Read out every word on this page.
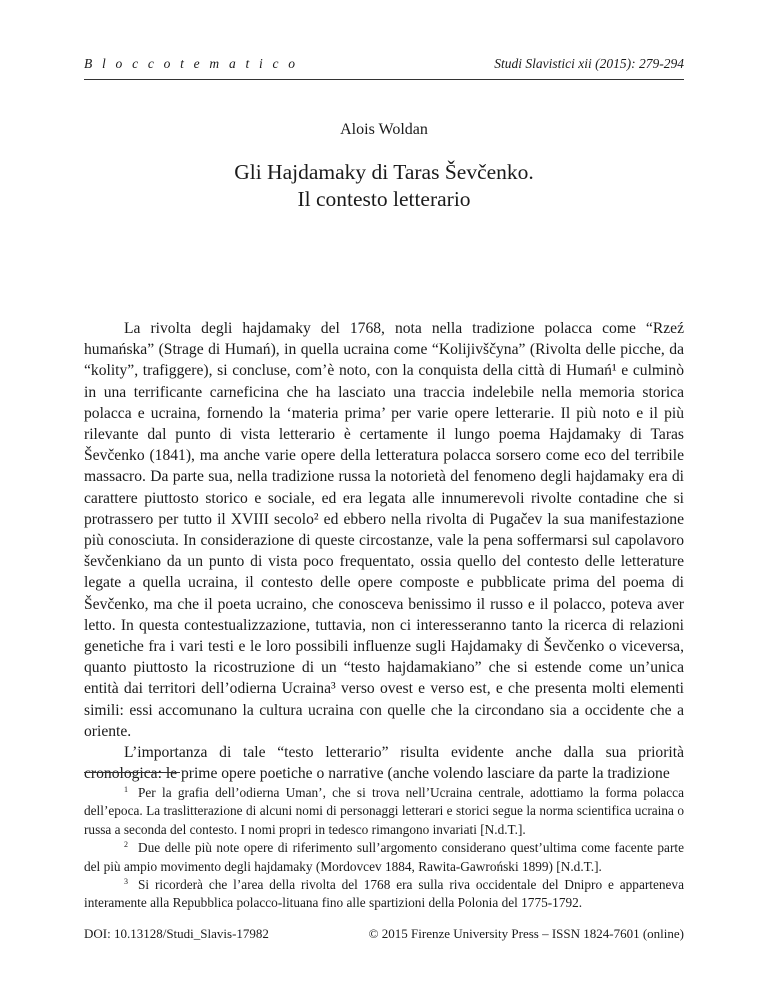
B l o c c o t e m a t i c o	Studi Slavistici xii (2015): 279-294
Alois Woldan
Gli Hajdamaky di Taras Ševčenko.
Il contesto letterario

La rivolta degli hajdamaky del 1768, nota nella tradizione polacca come “Rzeź humańska” (Strage di Humań), in quella ucraina come “Kolijivščyna” (Rivolta delle picche, da “kolity”, trafiggere), si concluse, com’è noto, con la conquista della città di Humań¹ e culminò in una terrificante carneficina che ha lasciato una traccia indelebile nella memoria storica polacca e ucraina, fornendo la ‘materia prima’ per varie opere letterarie. Il più noto e il più rilevante dal punto di vista letterario è certamente il lungo poema Hajdamaky di Taras Ševčenko (1841), ma anche varie opere della letteratura polacca sorsero come eco del terribile massacro. Da parte sua, nella tradizione russa la notorietà del fenomeno degli hajdamaky era di carattere piuttosto storico e sociale, ed era legata alle innumerevoli rivolte contadine che si protrassero per tutto il XVIII secolo² ed ebbero nella rivolta di Pugačev la sua manifestazione più conosciuta. In considerazione di queste circostanze, vale la pena soffermarsi sul capolavoro ševčenkiano da un punto di vista poco frequentato, ossia quello del contesto delle letterature legate a quella ucraina, il contesto delle opere composte e pubblicate prima del poema di Ševčenko, ma che il poeta ucraino, che conosceva benissimo il russo e il polacco, poteva aver letto. In questa contestualizzazione, tuttavia, non ci interesseranno tanto la ricerca di relazioni genetiche fra i vari testi e le loro possibili influenze sugli Hajdamaky di Ševčenko o viceversa, quanto piuttosto la ricostruzione di un “testo hajdamakiano” che si estende come un’unica entità dai territori dell’odierna Ucraina³ verso ovest e verso est, e che presenta molti elementi simili: essi accomunano la cultura ucraina con quelle che la circondano sia a occidente che a oriente.

L’importanza di tale “testo letterario” risulta evidente anche dalla sua priorità cronologica: le prime opere poetiche o narrative (anche volendo lasciare da parte la tradizione

$^1$ Per la grafia dell’odierna Uman’, che si trova nell’Ucraina centrale, adottiamo la forma polacca dell’epoca. La traslitterazione di alcuni nomi di personaggi letterari e storici segue la norma scientifica ucraina o russa a seconda del contesto. I nomi propri in tedesco rimangono invariati [N.d.T.].

$^2$ Due delle più note opere di riferimento sull’argomento considerano quest’ultima come facente parte del più ampio movimento degli hajdamaky (Mordovcev 1884, Rawita-Gawroński 1899) [N.d.T.].

$^3$ Si ricorderà che l’area della rivolta del 1768 era sulla riva occidentale del Dnipro e apparteneva interamente alla Repubblica polacco-lituana fino alle spartizioni della Polonia del 1775-1792.

DOI: 10.13128/Studi_Slavis-17982	© 2015 Firenze University Press – ISSN 1824-7601 (online)
